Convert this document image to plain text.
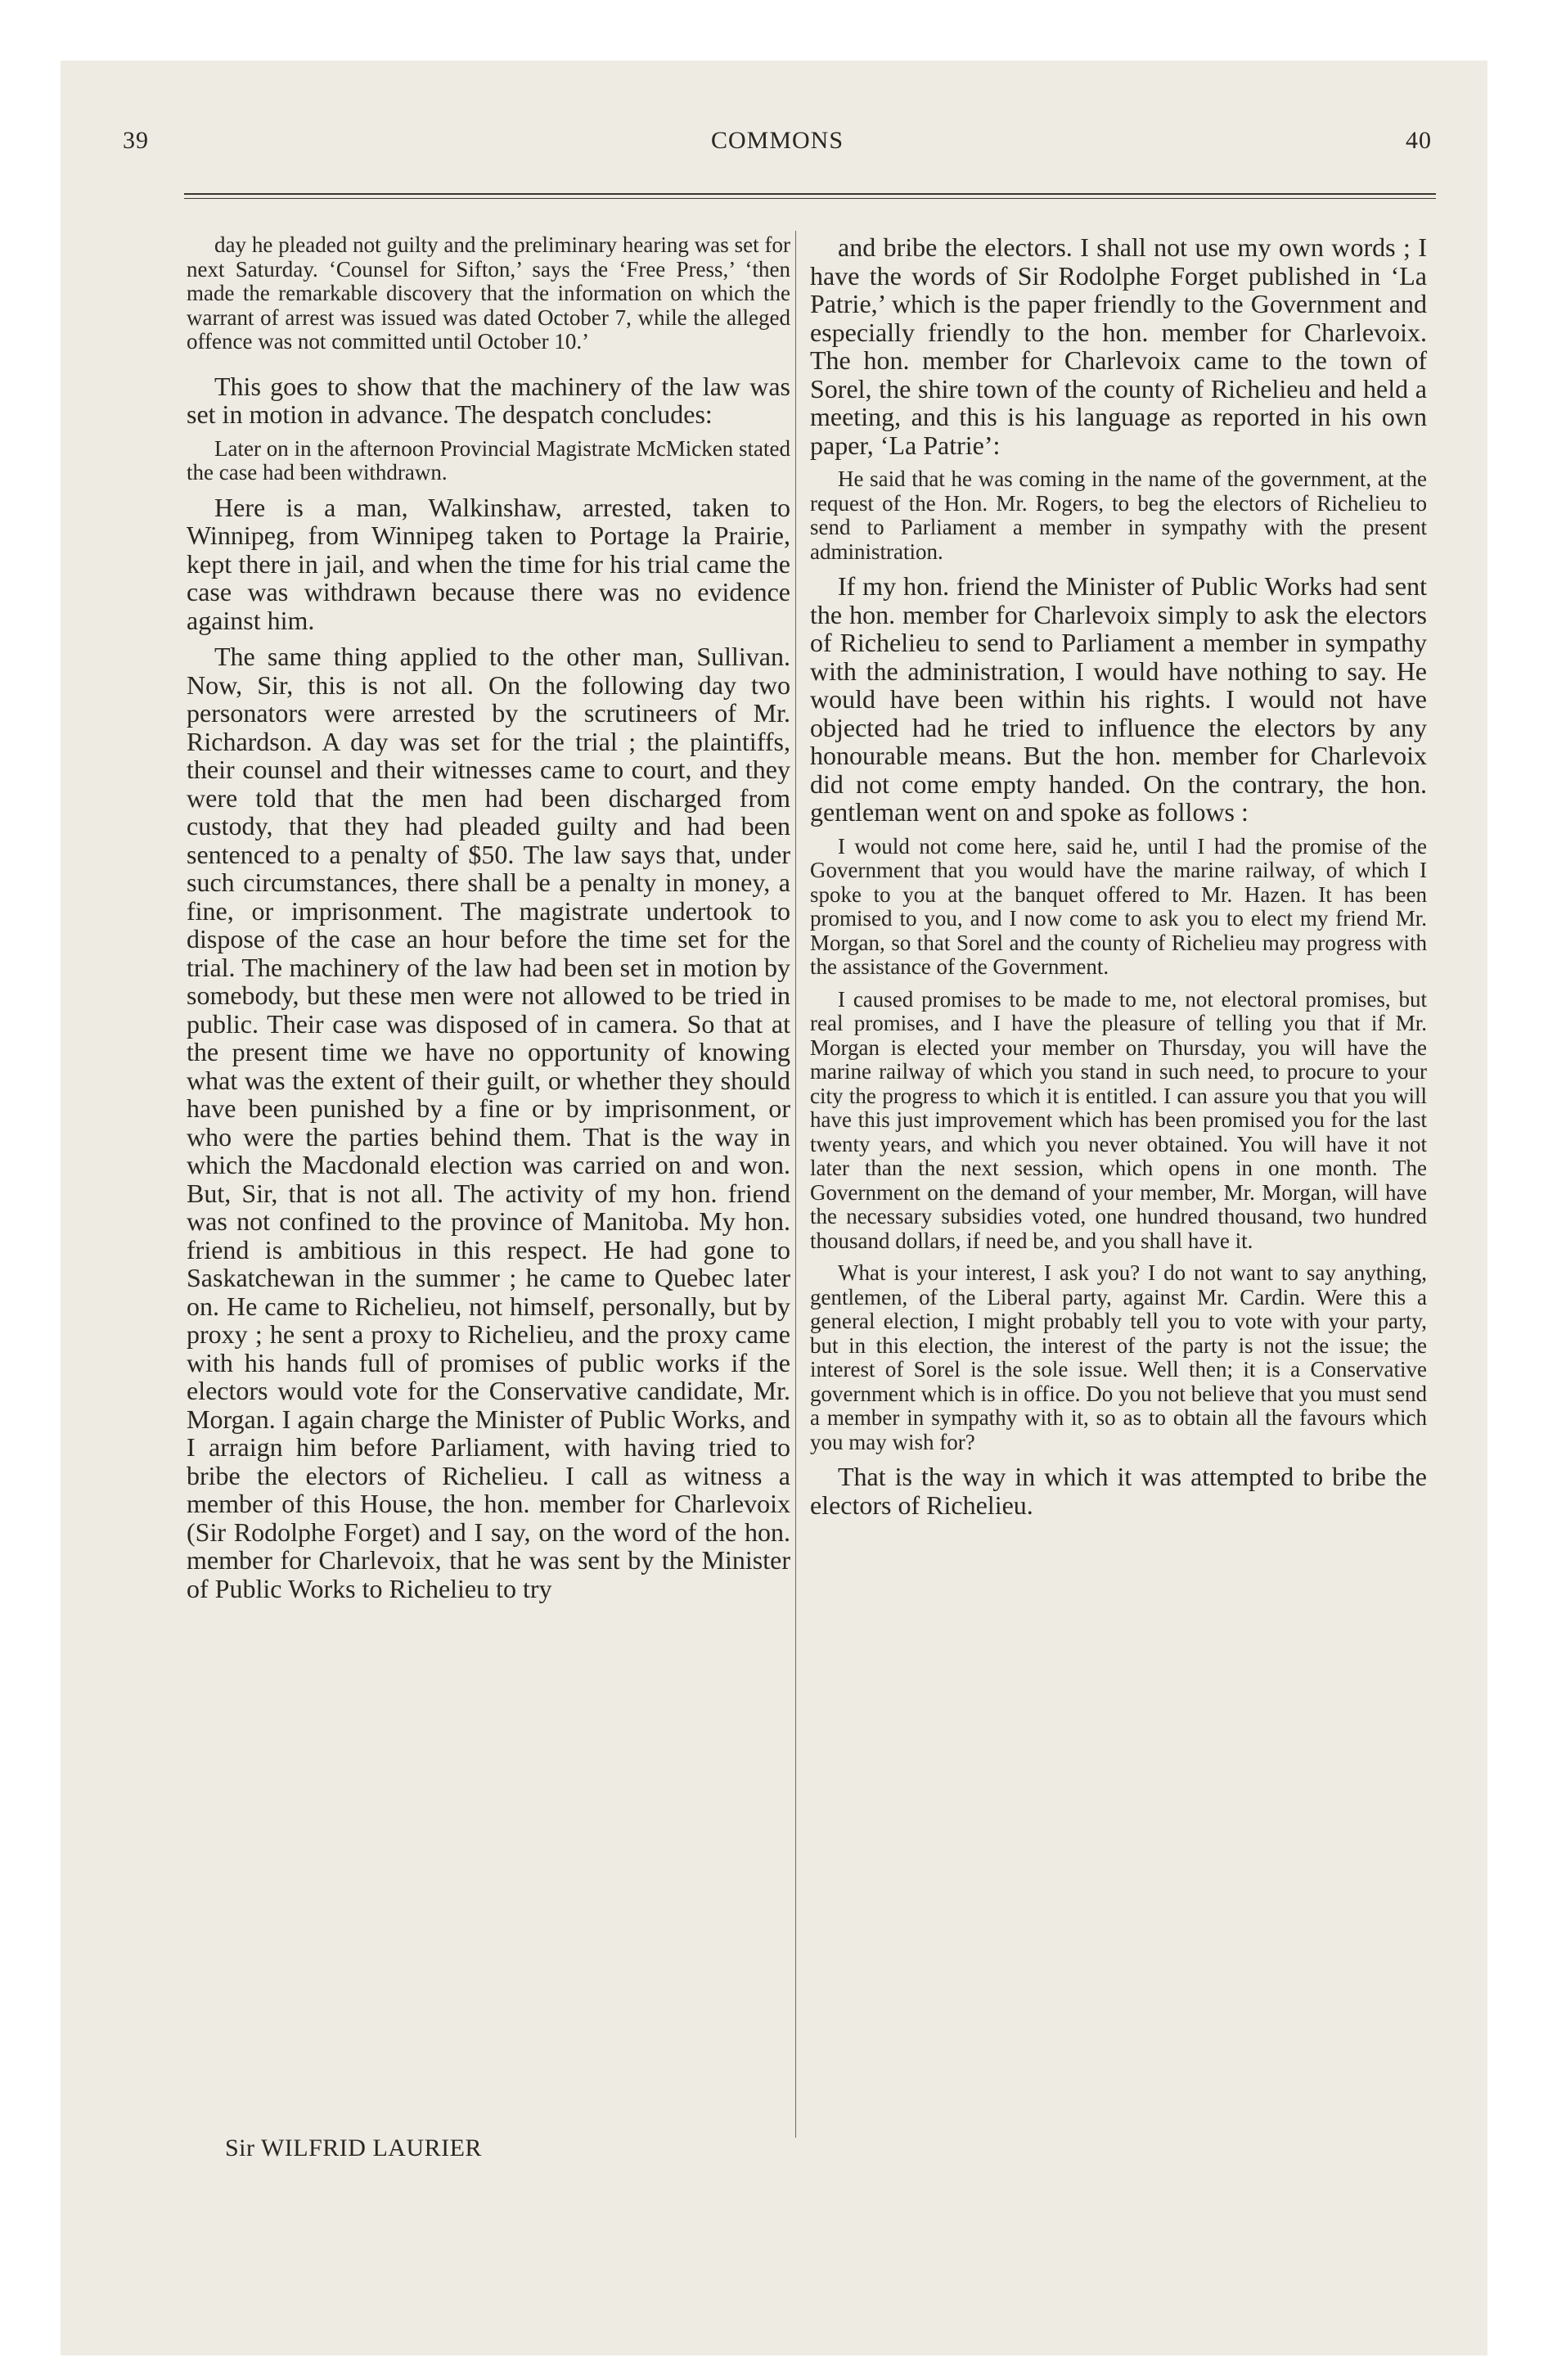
39	COMMONS	40

day he pleaded not guilty and the preliminary hearing was set for next Saturday. ‘Counsel for Sifton,’ says the ‘Free Press,’ ‘then made the remarkable discovery that the information on which the warrant of arrest was issued was dated October 7, while the alleged offence was not committed until October 10.’

This goes to show that the machinery of the law was set in motion in advance. The despatch concludes:

Later on in the afternoon Provincial Magistrate McMicken stated the case had been withdrawn.

Here is a man, Walkinshaw, arrested, taken to Winnipeg, from Winnipeg taken to Portage la Prairie, kept there in jail, and when the time for his trial came the case was withdrawn because there was no evidence against him.

The same thing applied to the other man, Sullivan. Now, Sir, this is not all. On the following day two personators were arrested by the scrutineers of Mr. Richardson. A day was set for the trial ; the plaintiffs, their counsel and their witnesses came to court, and they were told that the men had been discharged from custody, that they had pleaded guilty and had been sentenced to a penalty of $50. The law says that, under such circumstances, there shall be a penalty in money, a fine, or imprisonment. The magistrate undertook to dispose of the case an hour before the time set for the trial. The machinery of the law had been set in motion by somebody, but these men were not allowed to be tried in public. Their case was disposed of in camera. So that at the present time we have no opportunity of knowing what was the extent of their guilt, or whether they should have been punished by a fine or by imprisonment, or who were the parties behind them. That is the way in which the Macdonald election was carried on and won. But, Sir, that is not all. The activity of my hon. friend was not confined to the province of Manitoba. My hon. friend is ambitious in this respect. He had gone to Saskatchewan in the summer ; he came to Quebec later on. He came to Richelieu, not himself, personally, but by proxy ; he sent a proxy to Richelieu, and the proxy came with his hands full of promises of public works if the electors would vote for the Conservative candidate, Mr. Morgan. I again charge the Minister of Public Works, and I arraign him before Parliament, with having tried to bribe the electors of Richelieu. I call as witness a member of this House, the hon. member for Charlevoix (Sir Rodolphe Forget) and I say, on the word of the hon. member for Charlevoix, that he was sent by the Minister of Public Works to Richelieu to try

and bribe the electors. I shall not use my own words ; I have the words of Sir Rodolphe Forget published in ‘La Patrie,’ which is the paper friendly to the Government and especially friendly to the hon. member for Charlevoix. The hon. member for Charlevoix came to the town of Sorel, the shire town of the county of Richelieu and held a meeting, and this is his language as reported in his own paper, ‘La Patrie’:

He said that he was coming in the name of the government, at the request of the Hon. Mr. Rogers, to beg the electors of Richelieu to send to Parliament a member in sympathy with the present administration.

If my hon. friend the Minister of Public Works had sent the hon. member for Charlevoix simply to ask the electors of Richelieu to send to Parliament a member in sympathy with the administration, I would have nothing to say. He would have been within his rights. I would not have objected had he tried to influence the electors by any honourable means. But the hon. member for Charlevoix did not come empty handed. On the contrary, the hon. gentleman went on and spoke as follows :

I would not come here, said he, until I had the promise of the Government that you would have the marine railway, of which I spoke to you at the banquet offered to Mr. Hazen. It has been promised to you, and I now come to ask you to elect my friend Mr. Morgan, so that Sorel and the county of Richelieu may progress with the assistance of the Government.

I caused promises to be made to me, not electoral promises, but real promises, and I have the pleasure of telling you that if Mr. Morgan is elected your member on Thursday, you will have the marine railway of which you stand in such need, to procure to your city the progress to which it is entitled. I can assure you that you will have this just improvement which has been promised you for the last twenty years, and which you never obtained. You will have it not later than the next session, which opens in one month. The Government on the demand of your member, Mr. Morgan, will have the necessary subsidies voted, one hundred thousand, two hundred thousand dollars, if need be, and you shall have it.

What is your interest, I ask you? I do not want to say anything, gentlemen, of the Liberal party, against Mr. Cardin. Were this a general election, I might probably tell you to vote with your party, but in this election, the interest of the party is not the issue; the interest of Sorel is the sole issue. Well then; it is a Conservative government which is in office. Do you not believe that you must send a member in sympathy with it, so as to obtain all the favours which you may wish for?

That is the way in which it was attempted to bribe the electors of Richelieu.

Sir WILFRID LAURIER
